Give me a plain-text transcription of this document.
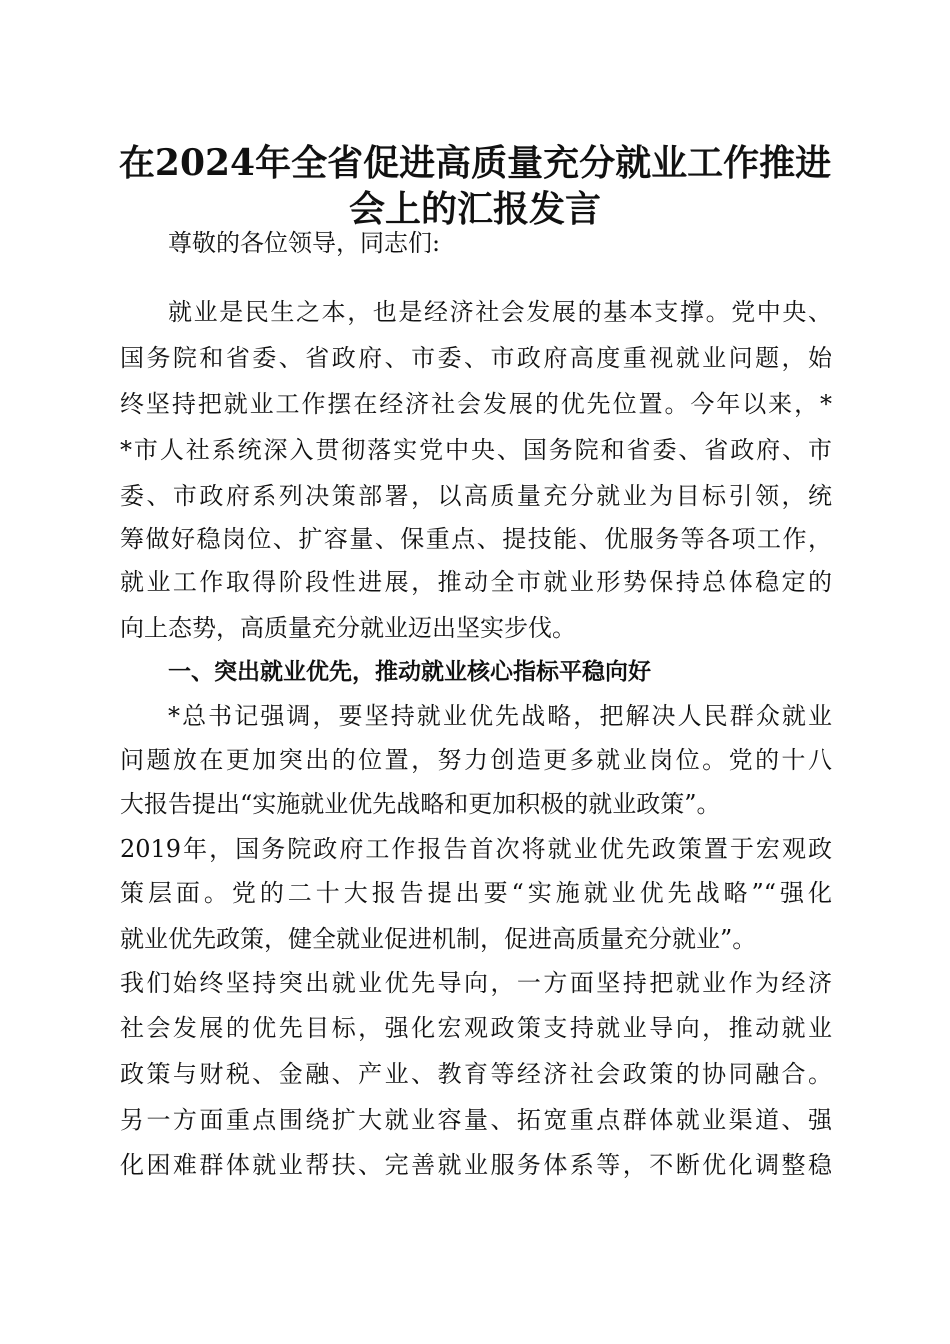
在2024年全省促进高质量充分就业工作推进
会上的汇报发言
尊敬的各位领导，同志们:
就业是民生之本，也是经济社会发展的基本支撑。党中央、
国务院和省委、省政府、市委、市政府高度重视就业问题，始
终坚持把就业工作摆在经济社会发展的优先位置。今年以来，*
*市人社系统深入贯彻落实党中央、国务院和省委、省政府、市
委、市政府系列决策部署，以高质量充分就业为目标引领，统
筹做好稳岗位、扩容量、保重点、提技能、优服务等各项工作，
就业工作取得阶段性进展，推动全市就业形势保持总体稳定的
向上态势，高质量充分就业迈出坚实步伐。
一、突出就业优先，推动就业核心指标平稳向好
*总书记强调，要坚持就业优先战略，把解决人民群众就业
问题放在更加突出的位置，努力创造更多就业岗位。党的十八
大报告提出“实施就业优先战略和更加积极的就业政策”。
2019年，国务院政府工作报告首次将就业优先政策置于宏观政
策层面。党的二十大报告提出要“实施就业优先战略”“强化
就业优先政策，健全就业促进机制，促进高质量充分就业”。
我们始终坚持突出就业优先导向，一方面坚持把就业作为经济
社会发展的优先目标，强化宏观政策支持就业导向，推动就业
政策与财税、金融、产业、教育等经济社会政策的协同融合。
另一方面重点围绕扩大就业容量、拓宽重点群体就业渠道、强
化困难群体就业帮扶、完善就业服务体系等，不断优化调整稳
